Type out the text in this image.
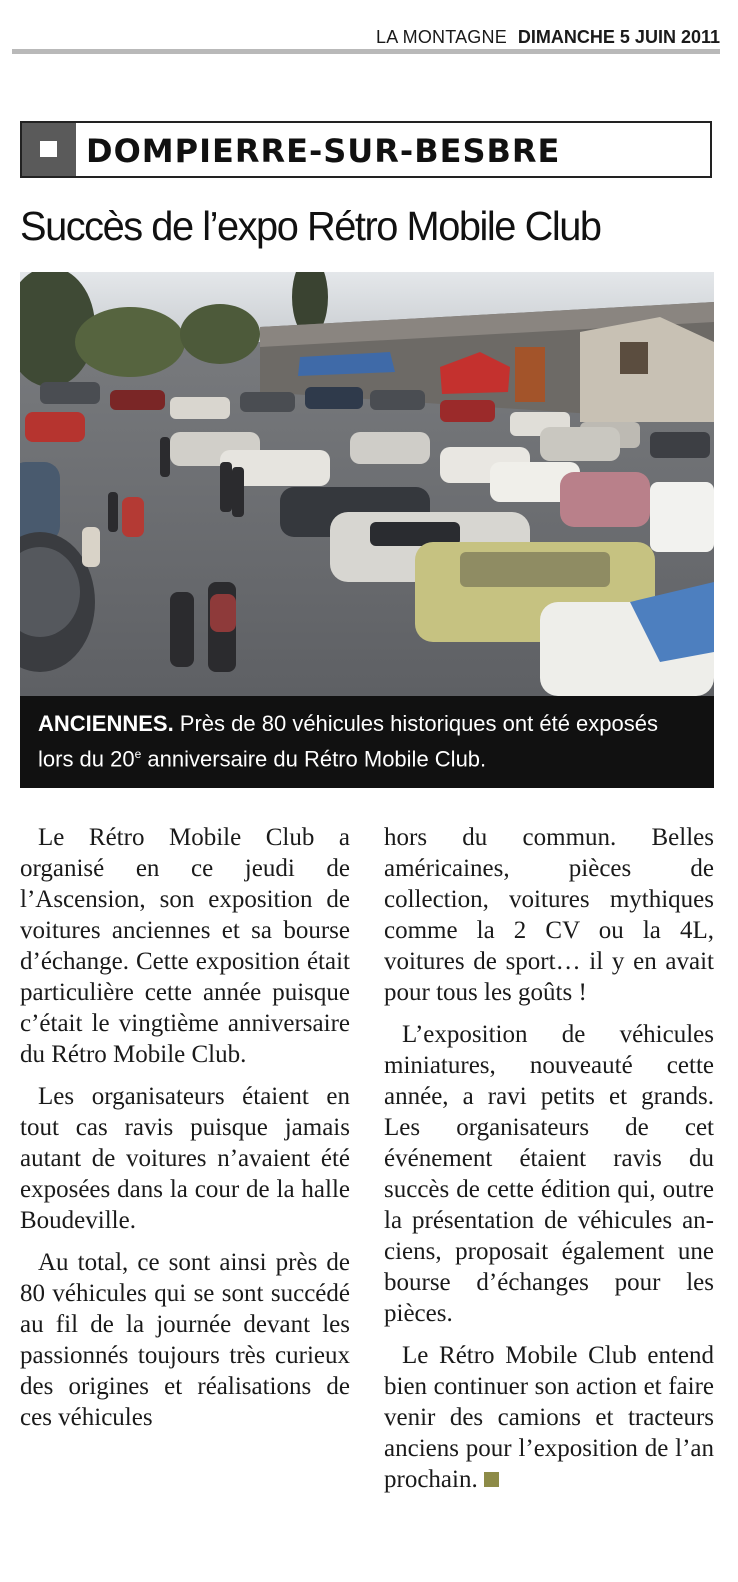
LA MONTAGNE DIMANCHE 5 JUIN 2011
DOMPIERRE-SUR-BESBRE
Succès de l’expo Rétro Mobile Club
ANCIENNES. Près de 80 véhicules historiques ont été exposés lors du 20e anniversaire du Rétro Mobile Club.

Le Rétro Mobile Club a organisé en ce jeudi de l’Ascension, son exposition de voitures anciennes et sa bourse d’échange. Cette exposition était particulière cette année puisque c’était le vingtième anniversaire du Rétro Mobile Club.

Les organisateurs étaient en tout cas ravis puisque jamais autant de voitures n’avaient été exposées dans la cour de la halle Boudeville.

Au total, ce sont ainsi près de 80 véhicules qui se sont succédé au fil de la journée devant les passionnés toujours très curieux des origines et réalisations de ces véhicules

hors du commun. Belles américaines, pièces de collection, voitures mythiques comme la 2 CV ou la 4L, voitures de sport… il y en avait pour tous les goûts !

L’exposition de véhicules miniatures, nouveauté cette année, a ravi petits et grands. Les organisateurs de cet événement étaient ravis du succès de cette édition qui, outre la présentation de véhicules anciens, proposait également une bourse d’échanges pour les pièces.

Le Rétro Mobile Club entend bien continuer son action et faire venir des camions et tracteurs anciens pour l’exposition de l’an prochain.
